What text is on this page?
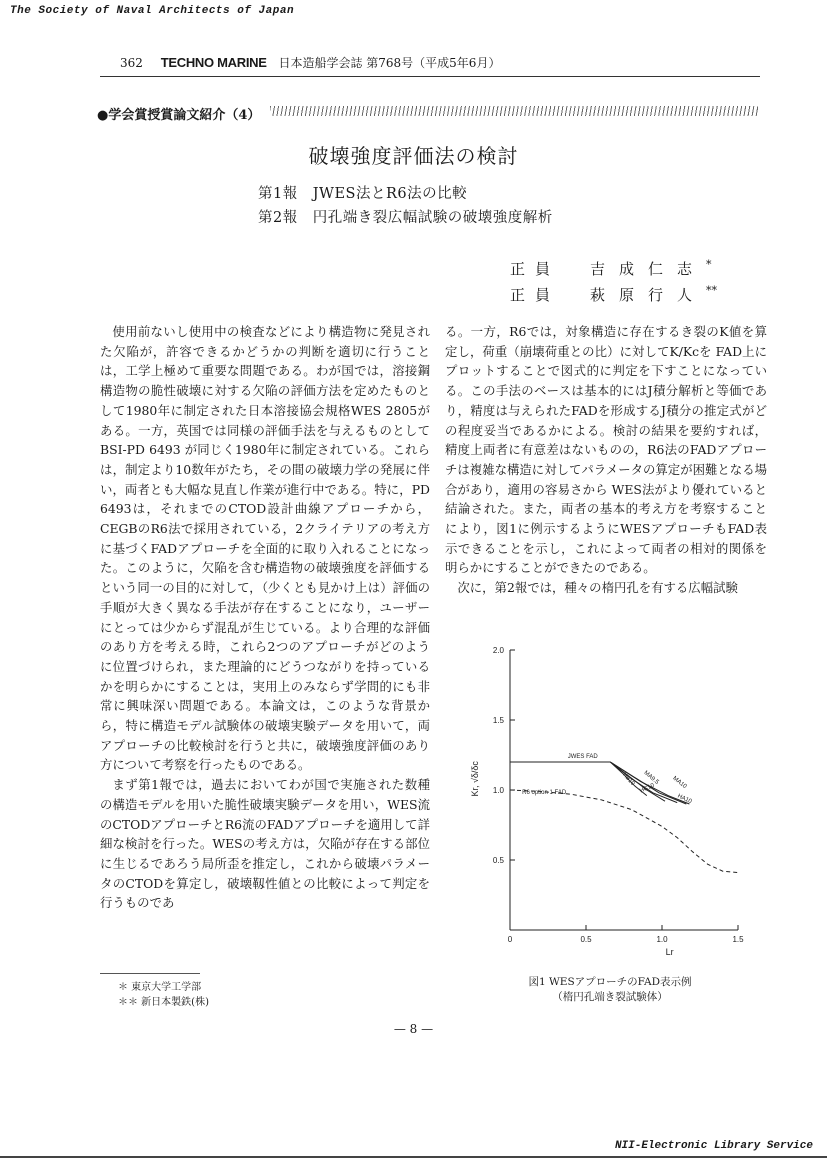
The Society of Naval Architects of Japan
362 TECHNO MARINE 日本造船学会誌 第768号（平成5年6月）
●学会賞授賞論文紹介（4）
破壊強度評価法の検討
第1報　JWES法とR6法の比較
第2報　円孔端き裂広幅試験の破壊強度解析
正員 吉成仁志*
正員 萩原行人**

使用前ないし使用中の検査などにより構造物に発見された欠陥が，許容できるかどうかの判断を適切に行うことは，工学上極めて重要な問題である。わが国では，溶接鋼構造物の脆性破壊に対する欠陥の評価方法を定めたものとして1980年に制定された日本溶接協会規格WES 2805がある。一方，英国では同様の評価手法を与えるものとして BSI-PD 6493 が同じく1980年に制定されている。これらは，制定より10数年がたち，その間の破壊力学の発展に伴い，両者とも大幅な見直し作業が進行中である。特に，PD 6493は，それまでのCTOD設計曲線アプローチから，CEGBのR6法で採用されている，2クライテリアの考え方に基づくFADアプローチを全面的に取り入れることになった。このように，欠陥を含む構造物の破壊強度を評価するという同一の目的に対して，（少くとも見かけ上は）評価の手順が大きく異なる手法が存在することになり，ユーザーにとっては少からず混乱が生じている。より合理的な評価のあり方を考える時，これら2つのアプローチがどのように位置づけられ，また理論的にどうつながりを持っているかを明らかにすることは，実用上のみならず学問的にも非常に興味深い問題である。本論文は，このような背景から，特に構造モデル試験体の破壊実験データを用いて，両アプローチの比較検討を行うと共に，破壊強度評価のあり方について考察を行ったものである。

まず第1報では，過去においてわが国で実施された数種の構造モデルを用いた脆性破壊実験データを用い，WES流のCTODアプローチとR6流のFADアプローチを適用して詳細な検討を行った。WESの考え方は，欠陥が存在する部位に生じるであろう局所歪を推定し，これから破壊パラメータのCTODを算定し，破壊靱性値との比較によって判定を行うものであ

る。一方，R6では，対象構造に存在するき裂のK値を算定し，荷重（崩壊荷重との比）に対してK/Kcを FAD上にプロットすることで図式的に判定を下すことになっている。この手法のベースは基本的にはJ積分解析と等価であり，精度は与えられたFADを形成するJ積分の推定式がどの程度妥当であるかによる。検討の結果を要約すれば，精度上両者に有意差はないものの，R6法のFADアプローチは複雑な構造に対してパラメータの算定が困難となる場合があり，適用の容易さから WES法がより優れていると結論された。また，両者の基本的考え方を考察することにより，図1に例示するようにWESアプローチもFAD表示できることを示し，これによって両者の相対的関係を明らかにすることができたのである。

次に，第2報では，種々の楕円孔を有する広幅試験

＊ 東京大学工学部
＊＊ 新日本製鉄(株)
0.5
1.0
1.5
2.0
0	0.5	1.0	1.5
Lr
Kr, √δ/δc
JWES FAD
HB10 MA9.5 MA10
HC10
HA10
R6 option 1 FAD
図1 WESアプローチのFAD表示例
（楕円孔端き裂試験体）
— 8 —
NII-Electronic Library Service
